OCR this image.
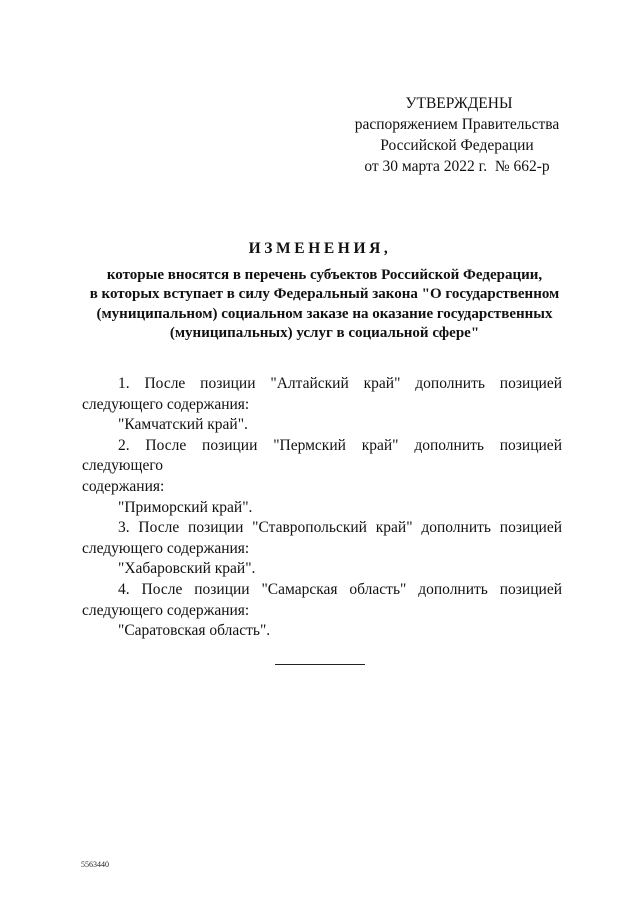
УТВЕРЖДЕНЫ
распоряжением Правительства
Российской Федерации
от 30 марта 2022 г.  № 662-р
ИЗМЕНЕНИЯ,
которые вносятся в перечень субъектов Российской Федерации,
в которых вступает в силу Федеральный закона "О государственном
(муниципальном) социальном заказе на оказание государственных
(муниципальных) услуг в социальной сфере"

1. После позиции "Алтайский край" дополнить позицией

следующего содержания:

"Камчатский край".

2. После позиции "Пермский край" дополнить позицией следующего

содержания:

"Приморский край".

3. После позиции "Ставропольский край" дополнить позицией

следующего содержания:

"Хабаровский край".

4. После позиции "Самарская область" дополнить позицией

следующего содержания:

"Саратовская область".

5563440
